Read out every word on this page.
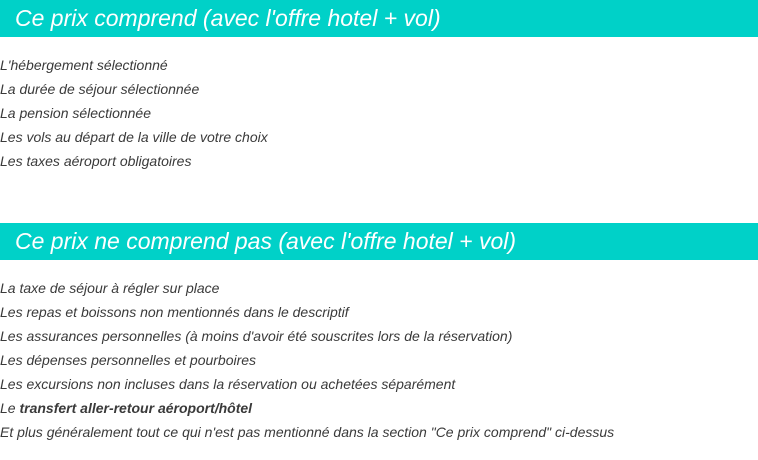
Ce prix comprend (avec l'offre hotel + vol)
L'hébergement sélectionné
La durée de séjour sélectionnée
La pension sélectionnée
Les vols au départ de la ville de votre choix
Les taxes aéroport obligatoires
Ce prix ne comprend pas (avec l'offre hotel + vol)
La taxe de séjour à régler sur place
Les repas et boissons non mentionnés dans le descriptif
Les assurances personnelles (à moins d'avoir été souscrites lors de la réservation)
Les dépenses personnelles et pourboires
Les excursions non incluses dans la réservation ou achetées séparément
Le transfert aller-retour aéroport/hôtel
Et plus généralement tout ce qui n'est pas mentionné dans la section "Ce prix comprend" ci-dessus
